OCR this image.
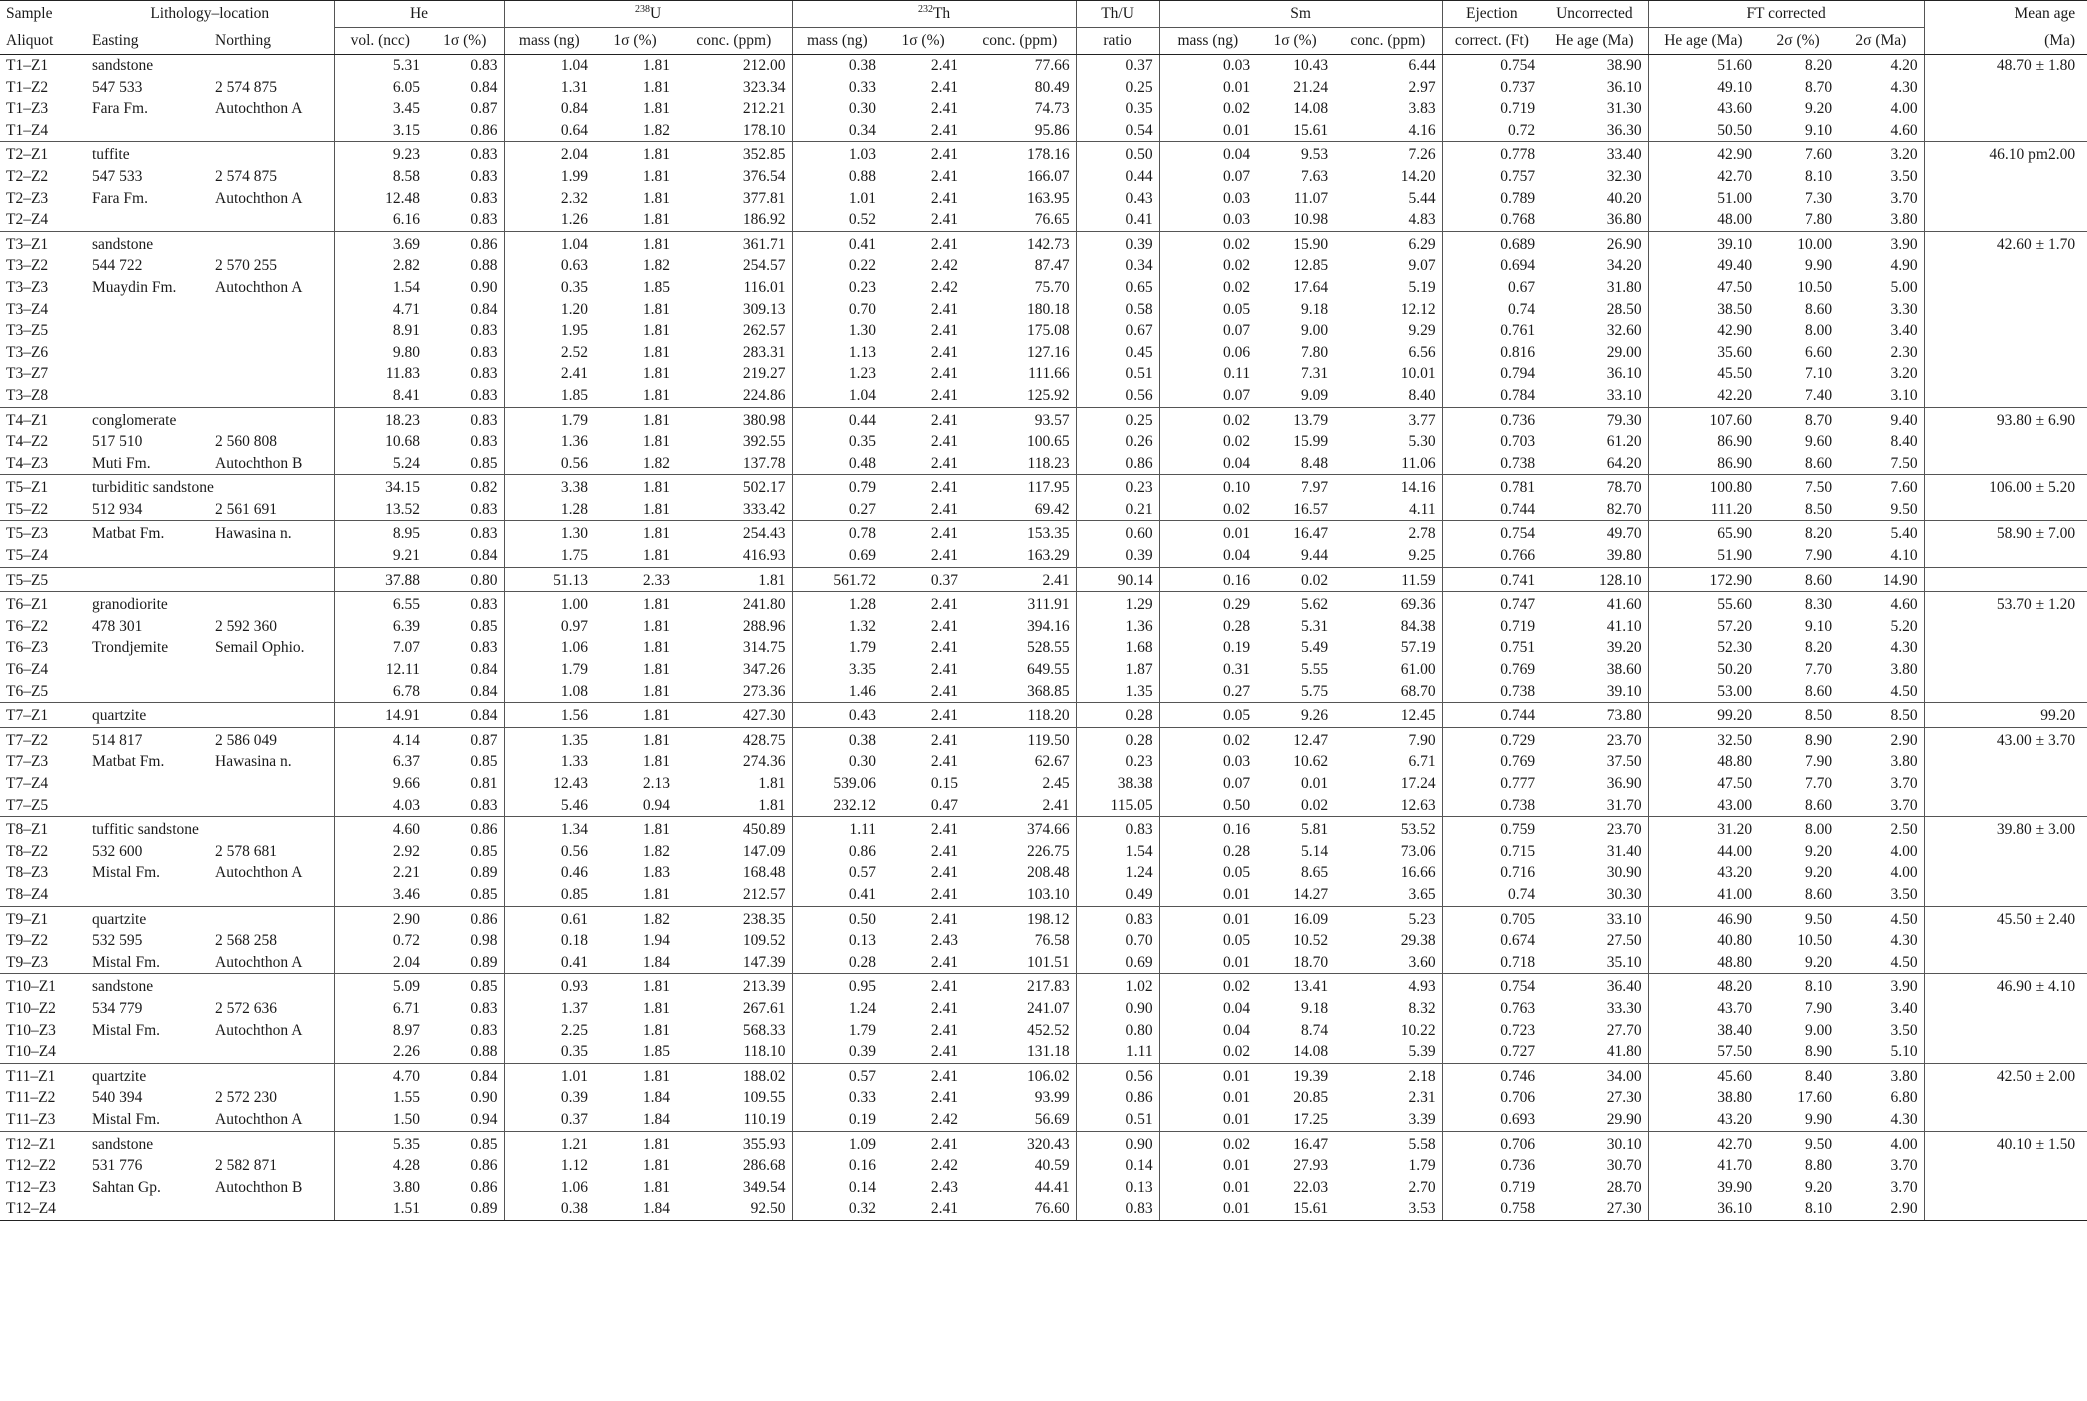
Sample	Lithology–location		He		$^{238}$U			$^{232}$Th			Th/U	Sm			Ejection	Uncorrected	FT corrected			Mean age
Aliquot	Easting	Northing	vol. (ncc)	1σ (%)	mass (ng)	1σ (%)	conc. (ppm)	mass (ng)	1σ (%)	conc. (ppm)	ratio	mass (ng)	1σ (%)	conc. (ppm)	correct. (Ft)	He age (Ma)	He age (Ma)	2σ (%)	2σ (Ma)	(Ma)
T1–Z1	sandstone		5.31	0.83	1.04	1.81	212.00	0.38	2.41	77.66	0.37	0.03	10.43	6.44	0.754	38.90	51.60	8.20	4.20	48.70 ± 1.80
T1–Z2	547 533	2 574 875	6.05	0.84	1.31	1.81	323.34	0.33	2.41	80.49	0.25	0.01	21.24	2.97	0.737	36.10	49.10	8.70	4.30	
T1–Z3	Fara Fm.	Autochthon A	3.45	0.87	0.84	1.81	212.21	0.30	2.41	74.73	0.35	0.02	14.08	3.83	0.719	31.30	43.60	9.20	4.00	
T1–Z4			3.15	0.86	0.64	1.82	178.10	0.34	2.41	95.86	0.54	0.01	15.61	4.16	0.72	36.30	50.50	9.10	4.60	
T2–Z1	tuffite		9.23	0.83	2.04	1.81	352.85	1.03	2.41	178.16	0.50	0.04	9.53	7.26	0.778	33.40	42.90	7.60	3.20	46.10 pm2.00
T2–Z2	547 533	2 574 875	8.58	0.83	1.99	1.81	376.54	0.88	2.41	166.07	0.44	0.07	7.63	14.20	0.757	32.30	42.70	8.10	3.50	
T2–Z3	Fara Fm.	Autochthon A	12.48	0.83	2.32	1.81	377.81	1.01	2.41	163.95	0.43	0.03	11.07	5.44	0.789	40.20	51.00	7.30	3.70	
T2–Z4			6.16	0.83	1.26	1.81	186.92	0.52	2.41	76.65	0.41	0.03	10.98	4.83	0.768	36.80	48.00	7.80	3.80	
T3–Z1	sandstone		3.69	0.86	1.04	1.81	361.71	0.41	2.41	142.73	0.39	0.02	15.90	6.29	0.689	26.90	39.10	10.00	3.90	42.60 ± 1.70
T3–Z2	544 722	2 570 255	2.82	0.88	0.63	1.82	254.57	0.22	2.42	87.47	0.34	0.02	12.85	9.07	0.694	34.20	49.40	9.90	4.90	
T3–Z3	Muaydin Fm.	Autochthon A	1.54	0.90	0.35	1.85	116.01	0.23	2.42	75.70	0.65	0.02	17.64	5.19	0.67	31.80	47.50	10.50	5.00	
T3–Z4			4.71	0.84	1.20	1.81	309.13	0.70	2.41	180.18	0.58	0.05	9.18	12.12	0.74	28.50	38.50	8.60	3.30	
T3–Z5			8.91	0.83	1.95	1.81	262.57	1.30	2.41	175.08	0.67	0.07	9.00	9.29	0.761	32.60	42.90	8.00	3.40	
T3–Z6			9.80	0.83	2.52	1.81	283.31	1.13	2.41	127.16	0.45	0.06	7.80	6.56	0.816	29.00	35.60	6.60	2.30	
T3–Z7			11.83	0.83	2.41	1.81	219.27	1.23	2.41	111.66	0.51	0.11	7.31	10.01	0.794	36.10	45.50	7.10	3.20	
T3–Z8			8.41	0.83	1.85	1.81	224.86	1.04	2.41	125.92	0.56	0.07	9.09	8.40	0.784	33.10	42.20	7.40	3.10	
T4–Z1	conglomerate		18.23	0.83	1.79	1.81	380.98	0.44	2.41	93.57	0.25	0.02	13.79	3.77	0.736	79.30	107.60	8.70	9.40	93.80 ± 6.90
T4–Z2	517 510	2 560 808	10.68	0.83	1.36	1.81	392.55	0.35	2.41	100.65	0.26	0.02	15.99	5.30	0.703	61.20	86.90	9.60	8.40	
T4–Z3	Muti Fm.	Autochthon B	5.24	0.85	0.56	1.82	137.78	0.48	2.41	118.23	0.86	0.04	8.48	11.06	0.738	64.20	86.90	8.60	7.50	
T5–Z1	turbiditic sandstone		34.15	0.82	3.38	1.81	502.17	0.79	2.41	117.95	0.23	0.10	7.97	14.16	0.781	78.70	100.80	7.50	7.60	106.00 ± 5.20
T5–Z2	512 934	2 561 691	13.52	0.83	1.28	1.81	333.42	0.27	2.41	69.42	0.21	0.02	16.57	4.11	0.744	82.70	111.20	8.50	9.50	
T5–Z3	Matbat Fm.	Hawasina n.	8.95	0.83	1.30	1.81	254.43	0.78	2.41	153.35	0.60	0.01	16.47	2.78	0.754	49.70	65.90	8.20	5.40	58.90 ± 7.00
T5–Z4			9.21	0.84	1.75	1.81	416.93	0.69	2.41	163.29	0.39	0.04	9.44	9.25	0.766	39.80	51.90	7.90	4.10	
T5–Z5			37.88	0.80	51.13	2.33	1.81	561.72	0.37	2.41	90.14	0.16	0.02	11.59	0.741	128.10	172.90	8.60	14.90	
T6–Z1	granodiorite		6.55	0.83	1.00	1.81	241.80	1.28	2.41	311.91	1.29	0.29	5.62	69.36	0.747	41.60	55.60	8.30	4.60	53.70 ± 1.20
T6–Z2	478 301	2 592 360	6.39	0.85	0.97	1.81	288.96	1.32	2.41	394.16	1.36	0.28	5.31	84.38	0.719	41.10	57.20	9.10	5.20	
T6–Z3	Trondjemite	Semail Ophio.	7.07	0.83	1.06	1.81	314.75	1.79	2.41	528.55	1.68	0.19	5.49	57.19	0.751	39.20	52.30	8.20	4.30	
T6–Z4			12.11	0.84	1.79	1.81	347.26	3.35	2.41	649.55	1.87	0.31	5.55	61.00	0.769	38.60	50.20	7.70	3.80	
T6–Z5			6.78	0.84	1.08	1.81	273.36	1.46	2.41	368.85	1.35	0.27	5.75	68.70	0.738	39.10	53.00	8.60	4.50	
T7–Z1	quartzite		14.91	0.84	1.56	1.81	427.30	0.43	2.41	118.20	0.28	0.05	9.26	12.45	0.744	73.80	99.20	8.50	8.50	99.20
T7–Z2	514 817	2 586 049	4.14	0.87	1.35	1.81	428.75	0.38	2.41	119.50	0.28	0.02	12.47	7.90	0.729	23.70	32.50	8.90	2.90	43.00 ± 3.70
T7–Z3	Matbat Fm.	Hawasina n.	6.37	0.85	1.33	1.81	274.36	0.30	2.41	62.67	0.23	0.03	10.62	6.71	0.769	37.50	48.80	7.90	3.80	
T7–Z4			9.66	0.81	12.43	2.13	1.81	539.06	0.15	2.45	38.38	0.07	0.01	17.24	0.777	36.90	47.50	7.70	3.70	
T7–Z5			4.03	0.83	5.46	0.94	1.81	232.12	0.47	2.41	115.05	0.50	0.02	12.63	0.738	31.70	43.00	8.60	3.70	
T8–Z1	tuffitic sandstone		4.60	0.86	1.34	1.81	450.89	1.11	2.41	374.66	0.83	0.16	5.81	53.52	0.759	23.70	31.20	8.00	2.50	39.80 ± 3.00
T8–Z2	532 600	2 578 681	2.92	0.85	0.56	1.82	147.09	0.86	2.41	226.75	1.54	0.28	5.14	73.06	0.715	31.40	44.00	9.20	4.00	
T8–Z3	Mistal Fm.	Autochthon A	2.21	0.89	0.46	1.83	168.48	0.57	2.41	208.48	1.24	0.05	8.65	16.66	0.716	30.90	43.20	9.20	4.00	
T8–Z4			3.46	0.85	0.85	1.81	212.57	0.41	2.41	103.10	0.49	0.01	14.27	3.65	0.74	30.30	41.00	8.60	3.50	
T9–Z1	quartzite		2.90	0.86	0.61	1.82	238.35	0.50	2.41	198.12	0.83	0.01	16.09	5.23	0.705	33.10	46.90	9.50	4.50	45.50 ± 2.40
T9–Z2	532 595	2 568 258	0.72	0.98	0.18	1.94	109.52	0.13	2.43	76.58	0.70	0.05	10.52	29.38	0.674	27.50	40.80	10.50	4.30	
T9–Z3	Mistal Fm.	Autochthon A	2.04	0.89	0.41	1.84	147.39	0.28	2.41	101.51	0.69	0.01	18.70	3.60	0.718	35.10	48.80	9.20	4.50	
T10–Z1	sandstone		5.09	0.85	0.93	1.81	213.39	0.95	2.41	217.83	1.02	0.02	13.41	4.93	0.754	36.40	48.20	8.10	3.90	46.90 ± 4.10
T10–Z2	534 779	2 572 636	6.71	0.83	1.37	1.81	267.61	1.24	2.41	241.07	0.90	0.04	9.18	8.32	0.763	33.30	43.70	7.90	3.40	
T10–Z3	Mistal Fm.	Autochthon A	8.97	0.83	2.25	1.81	568.33	1.79	2.41	452.52	0.80	0.04	8.74	10.22	0.723	27.70	38.40	9.00	3.50	
T10–Z4			2.26	0.88	0.35	1.85	118.10	0.39	2.41	131.18	1.11	0.02	14.08	5.39	0.727	41.80	57.50	8.90	5.10	
T11–Z1	quartzite		4.70	0.84	1.01	1.81	188.02	0.57	2.41	106.02	0.56	0.01	19.39	2.18	0.746	34.00	45.60	8.40	3.80	42.50 ± 2.00
T11–Z2	540 394	2 572 230	1.55	0.90	0.39	1.84	109.55	0.33	2.41	93.99	0.86	0.01	20.85	2.31	0.706	27.30	38.80	17.60	6.80	
T11–Z3	Mistal Fm.	Autochthon A	1.50	0.94	0.37	1.84	110.19	0.19	2.42	56.69	0.51	0.01	17.25	3.39	0.693	29.90	43.20	9.90	4.30	
T12–Z1	sandstone		5.35	0.85	1.21	1.81	355.93	1.09	2.41	320.43	0.90	0.02	16.47	5.58	0.706	30.10	42.70	9.50	4.00	40.10 ± 1.50
T12–Z2	531 776	2 582 871	4.28	0.86	1.12	1.81	286.68	0.16	2.42	40.59	0.14	0.01	27.93	1.79	0.736	30.70	41.70	8.80	3.70	
T12–Z3	Sahtan Gp.	Autochthon B	3.80	0.86	1.06	1.81	349.54	0.14	2.43	44.41	0.13	0.01	22.03	2.70	0.719	28.70	39.90	9.20	3.70	
T12–Z4			1.51	0.89	0.38	1.84	92.50	0.32	2.41	76.60	0.83	0.01	15.61	3.53	0.758	27.30	36.10	8.10	2.90	
